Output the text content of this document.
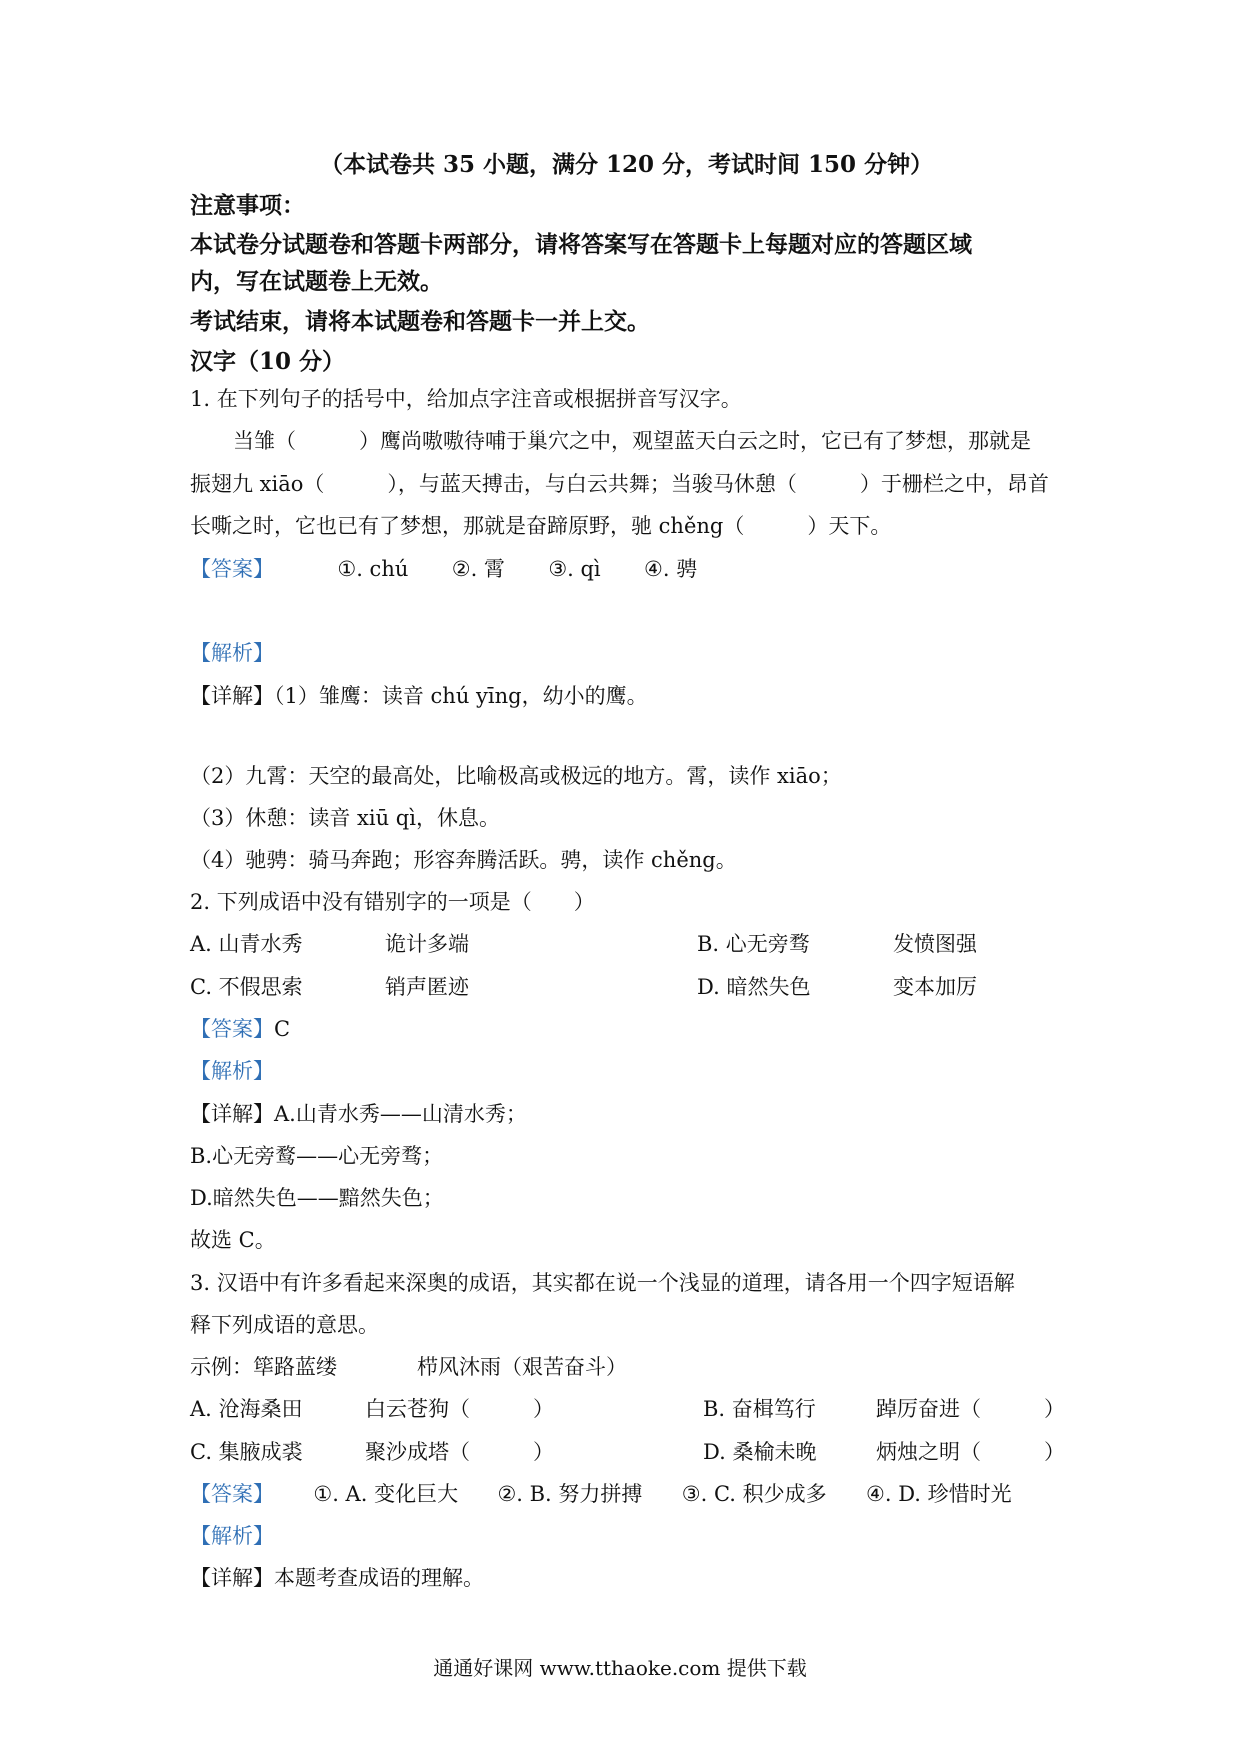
（本试卷共 35 小题，满分 120 分，考试时间 150 分钟）
注意事项：
本试卷分试题卷和答题卡两部分，请将答案写在答题卡上每题对应的答题区域
内，写在试题卷上无效。
考试结束，请将本试题卷和答题卡一并上交。
汉字（10 分）
1. 在下列句子的括号中，给加点字注音或根据拼音写汉字。
当雏（　　　）鹰尚嗷嗷待哺于巢穴之中，观望蓝天白云之时，它已有了梦想，那就是
振翅九 xiāo（　　　），与蓝天搏击，与白云共舞；当骏马休憩（　　　）于栅栏之中，昂首
长嘶之时，它也已有了梦想，那就是奋蹄原野，驰 chěng（　　　）天下。
【答案】	①. chú ②. 霄 ③. qì ④. 骋
【解析】
【详解】（1）雏鹰：读音 chú yīng，幼小的鹰。
（2）九霄：天空的最高处，比喻极高或极远的地方。霄，读作 xiāo；
（3）休憩：读音 xiū qì，休息。
（4）驰骋：骑马奔跑；形容奔腾活跃。骋，读作 chěng。
2. 下列成语中没有错别字的一项是（　　）
A. 山青水秀	诡计多端	B. 心无旁骛	发愤图强
C. 不假思索	销声匿迹	D. 暗然失色	变本加厉
【答案】C
【解析】
【详解】A.山青水秀——山清水秀；
B.心无旁鹜——心无旁骛；
D.暗然失色——黯然失色；
故选 C。
3. 汉语中有许多看起来深奥的成语，其实都在说一个浅显的道理，请各用一个四字短语解
释下列成语的意思。
示例：筚路蓝缕	栉风沐雨（艰苦奋斗）
A. 沧海桑田	白云苍狗（　　　）	B. 奋楫笃行	踔厉奋进（　　　）
C. 集腋成裘	聚沙成塔（　　　）	D. 桑榆未晚	炳烛之明（　　　）
【答案】 ①. A. 变化巨大 ②. B. 努力拼搏 ③. C. 积少成多 ④. D. 珍惜时光
【解析】
【详解】本题考查成语的理解。
通通好课网 www.tthaoke.com 提供下载
